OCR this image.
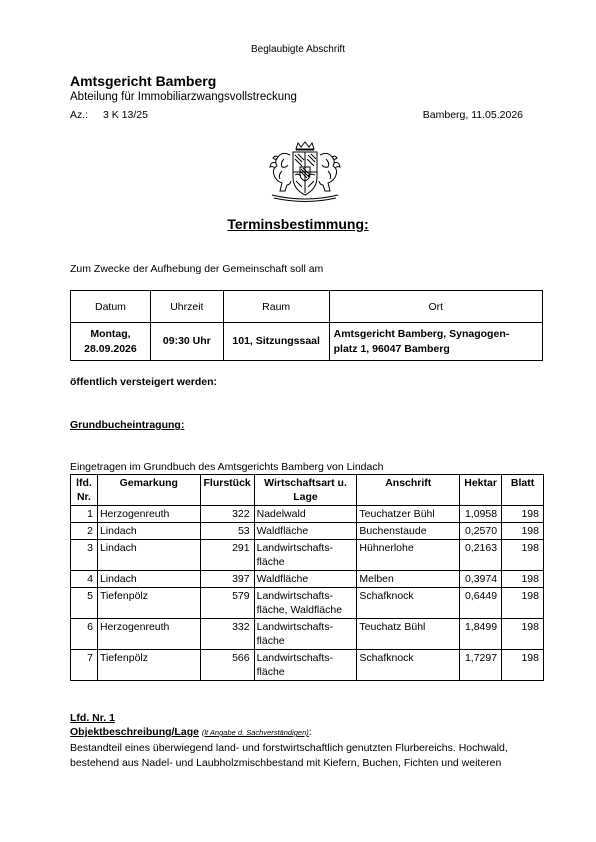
Beglaubigte Abschrift
Amtsgericht Bamberg
Abteilung für Immobiliarzwangsvollstreckung
Az.: 3 K 13/25	Bamberg, 11.05.2026
Terminsbestimmung:
Zum Zwecke der Aufhebung der Gemeinschaft soll am
Datum	Uhrzeit	Raum	Ort
Montag,
28.09.2026	09:30 Uhr	101, Sitzungssaal	Amtsgericht Bamberg, Synagogen-
platz 1, 96047 Bamberg
öffentlich versteigert werden:
Grundbucheintragung:
Eingetragen im Grundbuch des Amtsgerichts Bamberg von Lindach
lfd.
Nr.	Gemarkung	Flurstück	Wirtschaftsart u.
Lage	Anschrift	Hektar	Blatt
1	Herzogenreuth	322	Nadelwald	Teuchatzer Bühl	1,0958	198
2	Lindach	53	Waldfläche	Buchenstaude	0,2570	198
3	Lindach	291	Landwirtschafts-
fläche	Hühnerlohe	0,2163	198
4	Lindach	397	Waldfläche	Melben	0,3974	198
5	Tiefenpölz	579	Landwirtschafts-
fläche, Waldfläche	Schafknock	0,6449	198
6	Herzogenreuth	332	Landwirtschafts-
fläche	Teuchatz Bühl	1,8499	198
7	Tiefenpölz	566	Landwirtschafts-
fläche	Schafknock	1,7297	198
Lfd. Nr. 1
Objektbeschreibung/Lage (lt Angabe d. Sachverständigen):
Bestandteil eines überwiegend land- und forstwirtschaftlich genutzten Flurbereichs. Hochwald,
bestehend aus Nadel- und Laubholzmischbestand mit Kiefern, Buchen, Fichten und weiteren
